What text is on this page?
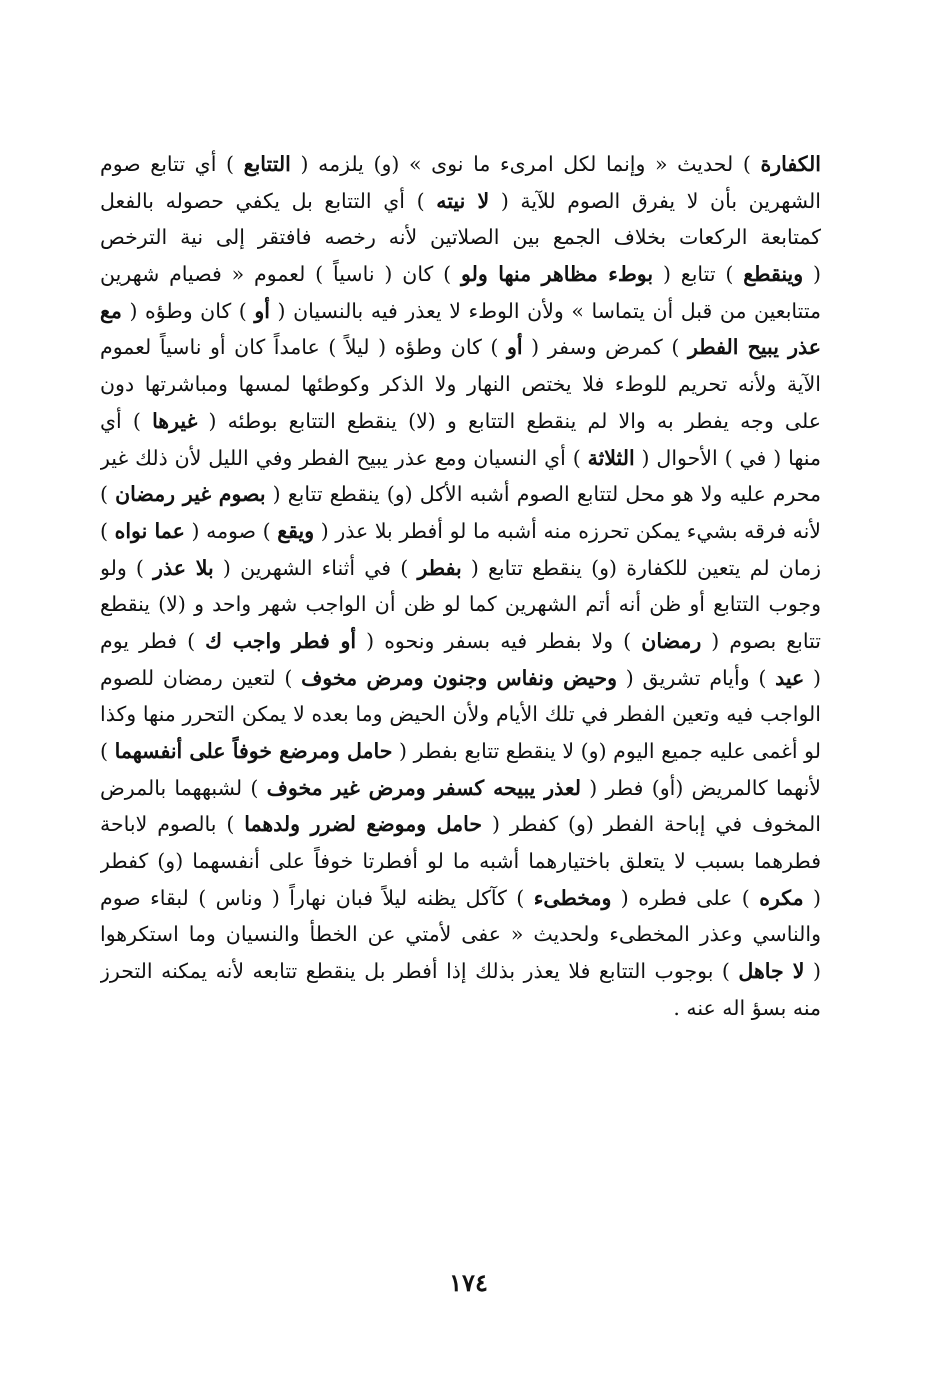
الكفارة ) لحديث « وإنما لكل امرىء ما نوى » (و) يلزمه ( التتابع ) أي تتابع صوم
الشهرين بأن لا يفرق الصوم للآية ( لا نيته ) أي التتابع بل يكفي حصوله بالفعل
كمتابعة الركعات بخلاف الجمع بين الصلاتين لأنه رخصه فافتقر إلى نية الترخص
( وينقطع ) تتابع ( بوطء مظاهر منها ولو ) كان ( ناسياً ) لعموم « فصيام شهرين
متتابعين من قبل أن يتماسا » ولأن الوطء لا يعذر فيه بالنسيان ( أو ) كان وطؤه ( مع
عذر يبيح الفطر ) كمرض وسفر ( أو ) كان وطؤه ( ليلاً ) عامداً كان أو ناسياً لعموم
الآية ولأنه تحريم للوطء فلا يختص النهار ولا الذكر وكوطئها لمسها ومباشرتها دون
على وجه يفطر به والا لم ينقطع التتابع و (لا) ينقطع التتابع بوطئه ( غيرها ) أي
منها ( في ) الأحوال ( الثلاثة ) أي النسيان ومع عذر يبيح الفطر وفي الليل لأن ذلك غير
محرم عليه ولا هو محل لتتابع الصوم أشبه الأكل (و) ينقطع تتابع ( بصوم غير رمضان )
لأنه فرقه بشيء يمكن تحرزه منه أشبه ما لو أفطر بلا عذر ( ويقع ) صومه ( عما نواه )
زمان لم يتعين للكفارة (و) ينقطع تتابع ( بفطر ) في أثناء الشهرين ( بلا عذر ) ولو
وجوب التتابع أو ظن أنه أتم الشهرين كما لو ظن أن الواجب شهر واحد و (لا) ينقطع
تتابع بصوم ( رمضان ) ولا بفطر فيه بسفر ونحوه ( أو فطر واجب ك ) فطر يوم
( عيد ) وأيام تشريق ( وحيض ونفاس وجنون ومرض مخوف ) لتعين رمضان للصوم
الواجب فيه وتعين الفطر في تلك الأيام ولأن الحيض وما بعده لا يمكن التحرر منها وكذا
لو أغمى عليه جميع اليوم (و) لا ينقطع تتابع بفطر ( حامل ومرضع خوفاً على أنفسهما )
لأنهما كالمريض (أو) فطر ( لعذر يبيحه كسفر ومرض غير مخوف ) لشبههما بالمرض
المخوف في إباحة الفطر (و) كفطر ( حامل وموضع لضرر ولدهما ) بالصوم لاباحة
فطرهما بسبب لا يتعلق باختيارهما أشبه ما لو أفطرتا خوفاً على أنفسهما (و) كفطر
( مكره ) على فطره ( ومخطىء ) كآكل يظنه ليلاً فبان نهاراً ( وناس ) لبقاء صوم
والناسي وعذر المخطىء ولحديث « عفى لأمتي عن الخطأ والنسيان وما استكرهوا
( لا جاهل ) بوجوب التتابع فلا يعذر بذلك إذا أفطر بل ينقطع تتابعه لأنه يمكنه التحرز
منه بسؤ اله عنه .
١٧٤
